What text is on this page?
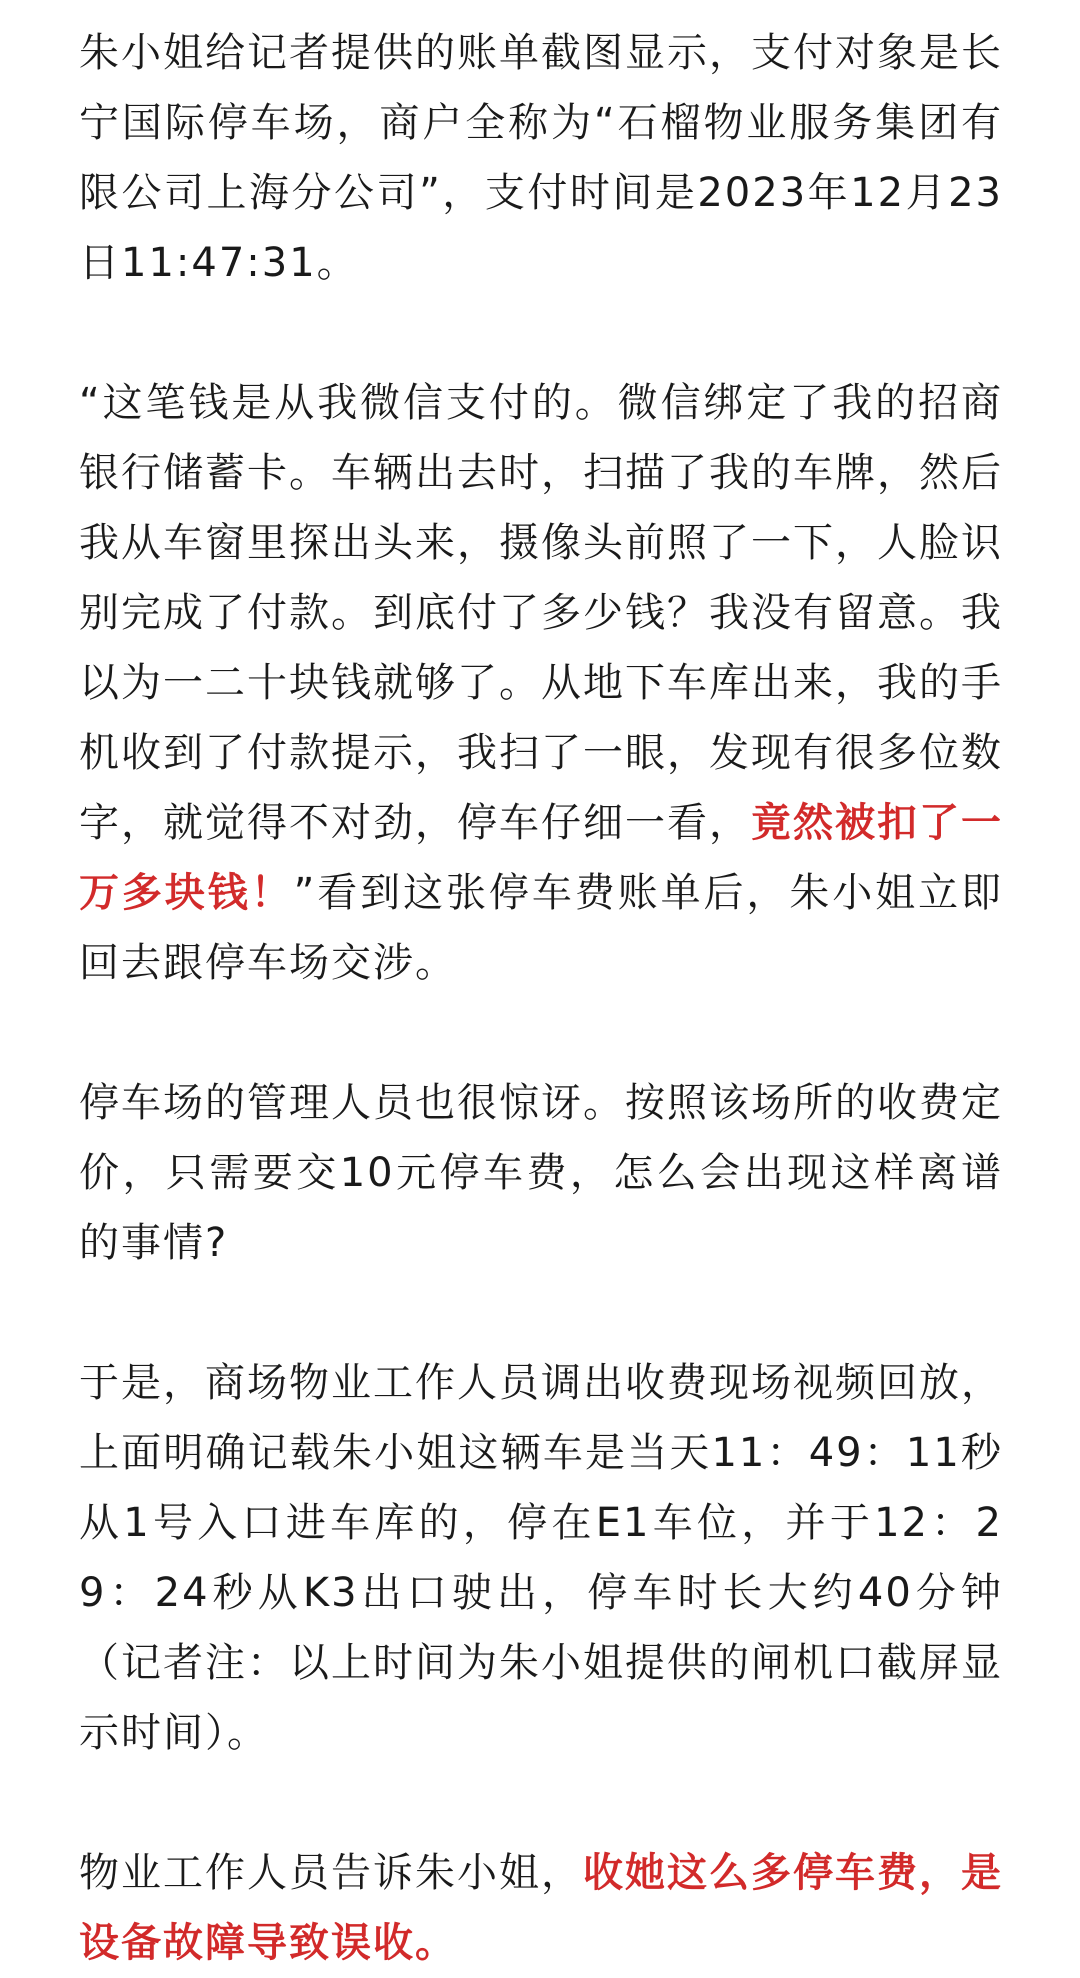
朱小姐给记者提供的账单截图显示，支付对象是长宁国际停车场，商户全称为“石榴物业服务集团有限公司上海分公司”，支付时间是2023年12月23日11:47:31。

“这笔钱是从我微信支付的。微信绑定了我的招商银行储蓄卡。车辆出去时，扫描了我的车牌，然后我从车窗里探出头来，摄像头前照了一下，人脸识别完成了付款。到底付了多少钱？我没有留意。我以为一二十块钱就够了。从地下车库出来，我的手机收到了付款提示，我扫了一眼，发现有很多位数字，就觉得不对劲，停车仔细一看，竟然被扣了一万多块钱！”看到这张停车费账单后，朱小姐立即回去跟停车场交涉。

停车场的管理人员也很惊讶。按照该场所的收费定价，只需要交10元停车费，怎么会出现这样离谱的事情?

于是，商场物业工作人员调出收费现场视频回放，上面明确记载朱小姐这辆车是当天11：49：11秒从1号入口进车库的，停在E1车位，并于12：29：24秒从K3出口驶出，停车时长大约40分钟（记者注：以上时间为朱小姐提供的闸机口截屏显示时间）。

物业工作人员告诉朱小姐，收她这么多停车费，是设备故障导致误收。
